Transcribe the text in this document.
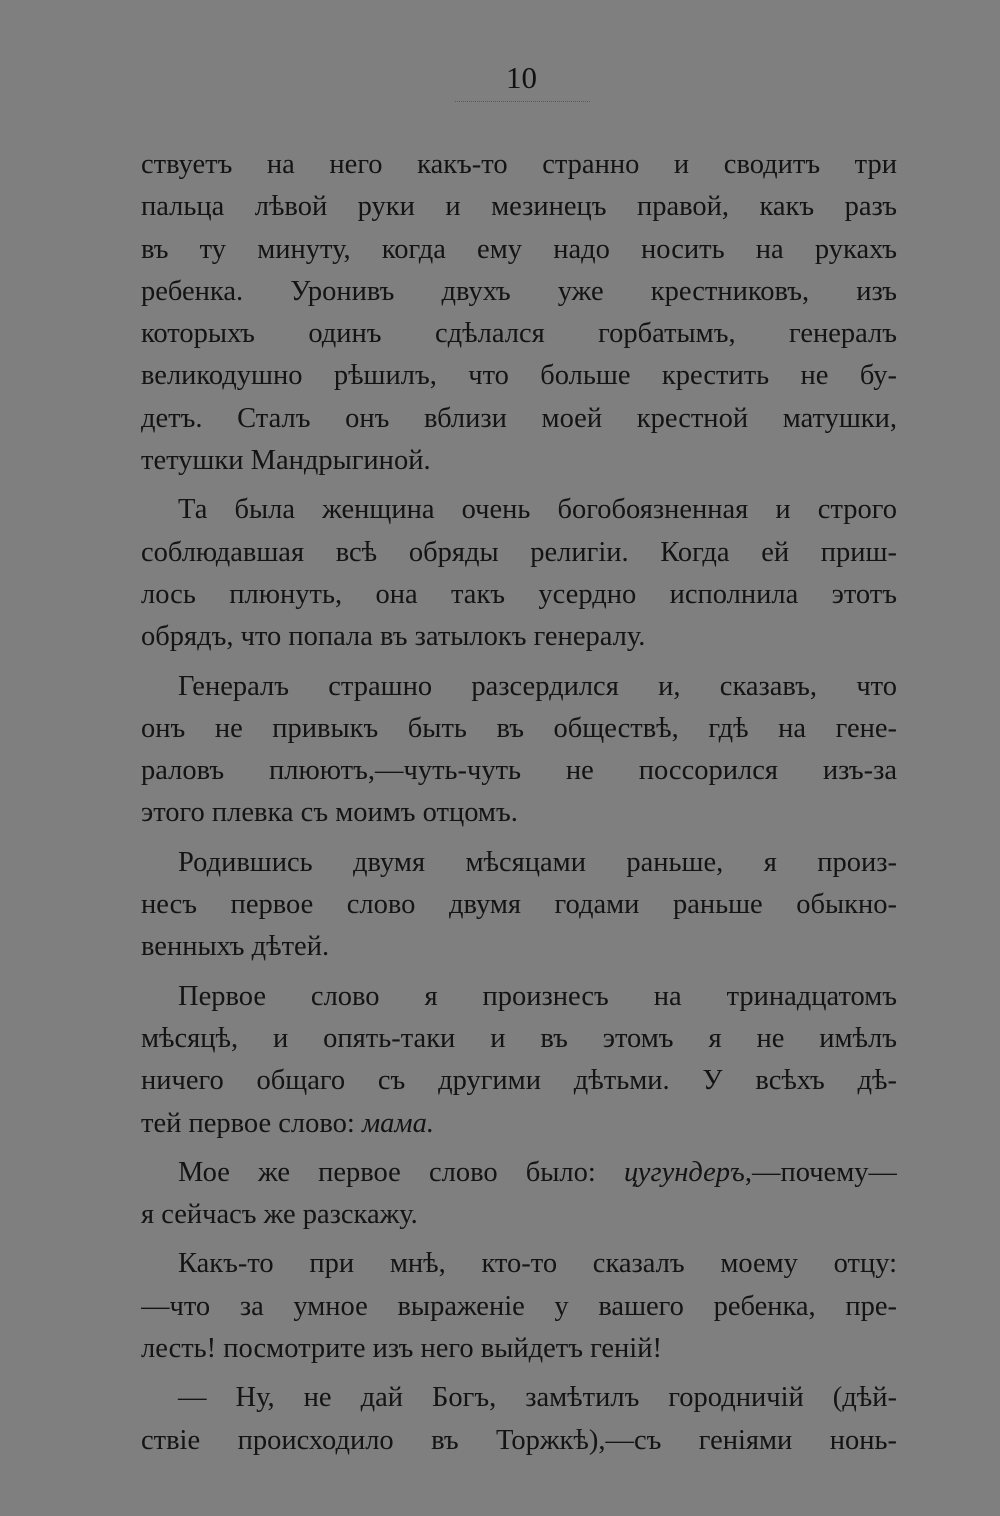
10
ствуетъ на него какъ-то странно и сводитъ три
пальца лѣвой руки и мезинецъ правой, какъ разъ
въ ту минуту, когда ему надо носить на рукахъ
ребенка. Уронивъ двухъ уже крестниковъ, изъ
которыхъ одинъ сдѣлался горбатымъ, генералъ
великодушно рѣшилъ, что больше крестить не бу-
детъ. Сталъ онъ вблизи моей крестной матушки,
тетушки Мандрыгиной.
Та была женщина очень богобоязненная и строго
соблюдавшая всѣ обряды религіи. Когда ей приш-
лось плюнуть, она такъ усердно исполнила этотъ
обрядъ, что попала въ затылокъ генералу.
Генералъ страшно разсердился и, сказавъ, что
онъ не привыкъ быть въ обществѣ, гдѣ на гене-
раловъ плюютъ,—чуть-чуть не поссорился изъ-за
этого плевка съ моимъ отцомъ.
Родившись двумя мѣсяцами раньше, я произ-
несъ первое слово двумя годами раньше обыкно-
венныхъ дѣтей.
Первое слово я произнесъ на тринадцатомъ
мѣсяцѣ, и опять-таки и въ этомъ я не имѣлъ
ничего общаго съ другими дѣтьми. У всѣхъ дѣ-
тей первое слово: мама.
Мое же первое слово было: цугундеръ,—почему—
я сейчасъ же разскажу.
Какъ-то при мнѣ, кто-то сказалъ моему отцу:
—что за умное выраженіе у вашего ребенка, пре-
лесть! посмотрите изъ него выйдетъ геній!
— Ну, не дай Богъ, замѣтилъ городничій (дѣй-
ствіе происходило въ Торжкѣ),—съ геніями нонь-
